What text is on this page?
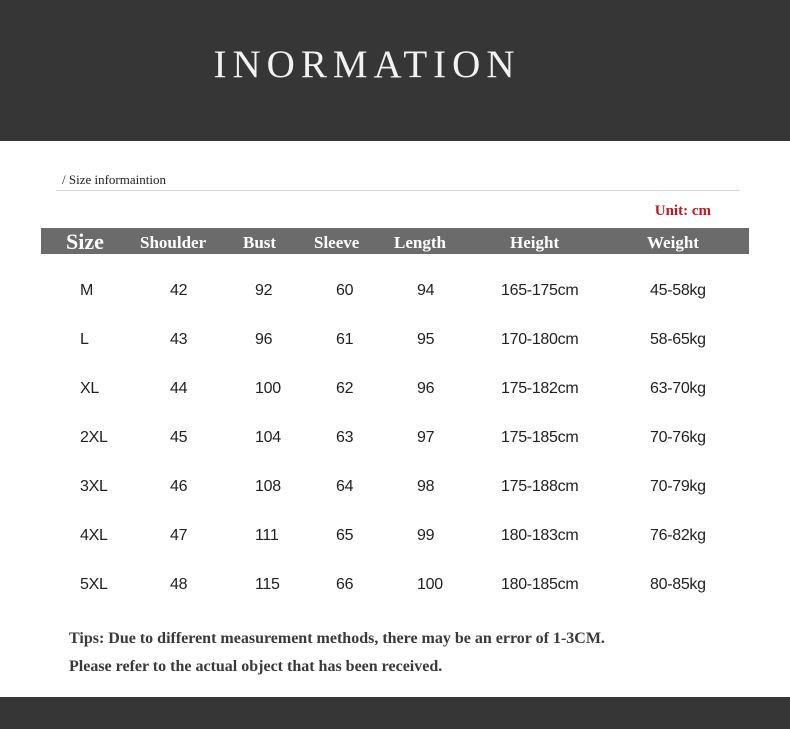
INORMATION
/ Size informaintion
Unit: cm
Size Shoulder Bust Sleeve Length	Height	Weight
M	42	92	60	94	165-175cm	45-58kg
L	43	96	61	95	170-180cm	58-65kg
XL	44	100	62	96	175-182cm	63-70kg
2XL	45	104	63	97	175-185cm	70-76kg
3XL	46	108	64	98	175-188cm	70-79kg
4XL	47	111	65	99	180-183cm	76-82kg
5XL	48	115	66	100	180-185cm	80-85kg
Tips: Due to different measurement methods, there may be an error of 1-3CM.
Please refer to the actual object that has been received.
